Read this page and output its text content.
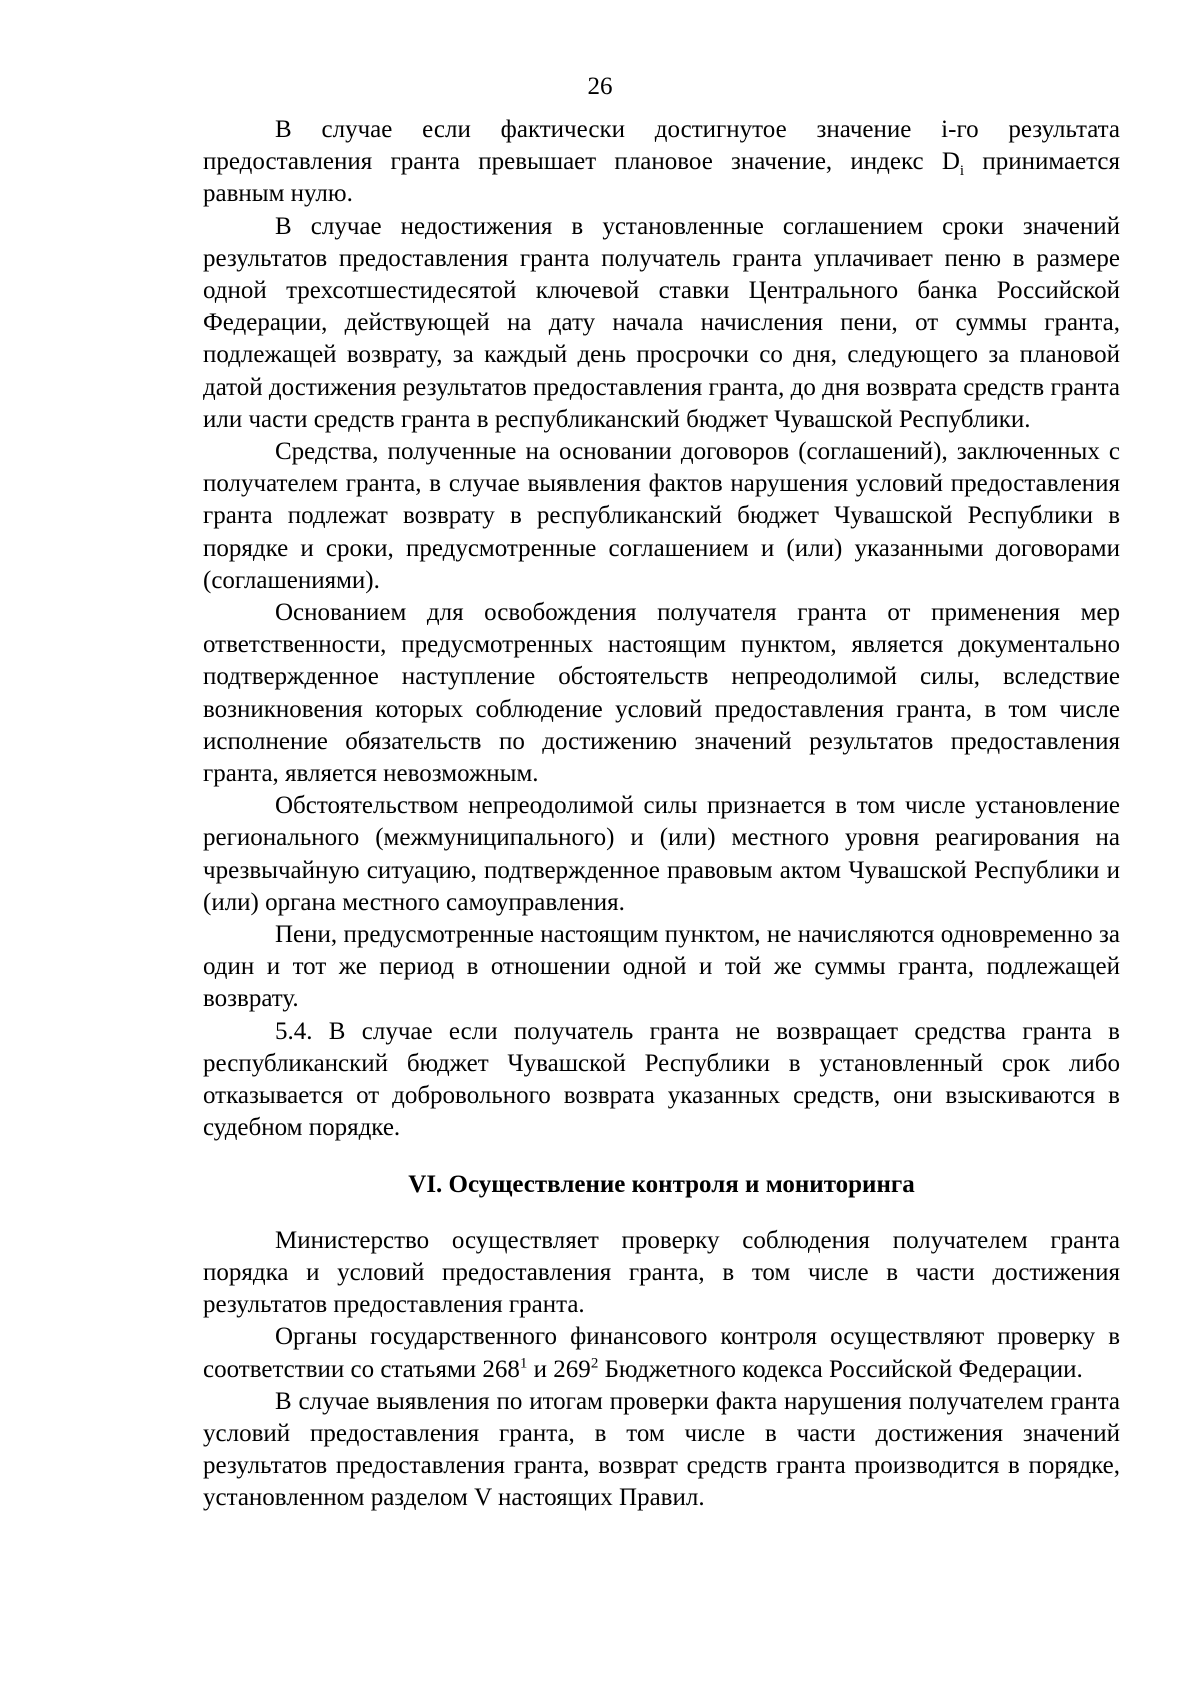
26

В случае если фактически достигнутое значение i-го результата предоставления гранта превышает плановое значение, индекс $D_i$ принимается равным нулю.

В случае недостижения в установленные соглашением сроки значений результатов предоставления гранта получатель гранта уплачивает пеню в размере одной трехсотшестидесятой ключевой ставки Центрального банка Российской Федерации, действующей на дату начала начисления пени, от суммы гранта, подлежащей возврату, за каждый день просрочки со дня, следующего за плановой датой достижения результатов предоставления гранта, до дня возврата средств гранта или части средств гранта в республиканский бюджет Чувашской Республики.

Средства, полученные на основании договоров (соглашений), заключенных с получателем гранта, в случае выявления фактов нарушения условий предоставления гранта подлежат возврату в республиканский бюджет Чувашской Республики в порядке и сроки, предусмотренные соглашением и (или) указанными договорами (соглашениями).

Основанием для освобождения получателя гранта от применения мер ответственности, предусмотренных настоящим пунктом, является документально подтвержденное наступление обстоятельств непреодолимой силы, вследствие возникновения которых соблюдение условий предоставления гранта, в том числе исполнение обязательств по достижению значений результатов предоставления гранта, является невозможным.

Обстоятельством непреодолимой силы признается в том числе установление регионального (межмуниципального) и (или) местного уровня реагирования на чрезвычайную ситуацию, подтвержденное правовым актом Чувашской Республики и (или) органа местного самоуправления.

Пени, предусмотренные настоящим пунктом, не начисляются одновременно за один и тот же период в отношении одной и той же суммы гранта, подлежащей возврату.

5.4. В случае если получатель гранта не возвращает средства гранта в республиканский бюджет Чувашской Республики в установленный срок либо отказывается от добровольного возврата указанных средств, они взыскиваются в судебном порядке.

VI. Осуществление контроля и мониторинга

Министерство осуществляет проверку соблюдения получателем гранта порядка и условий предоставления гранта, в том числе в части достижения результатов предоставления гранта.

Органы государственного финансового контроля осуществляют проверку в соответствии со статьями $268^1$ и $269^2$ Бюджетного кодекса Российской Федерации.

В случае выявления по итогам проверки факта нарушения получателем гранта условий предоставления гранта, в том числе в части достижения значений результатов предоставления гранта, возврат средств гранта производится в порядке, установленном разделом V настоящих Правил.
